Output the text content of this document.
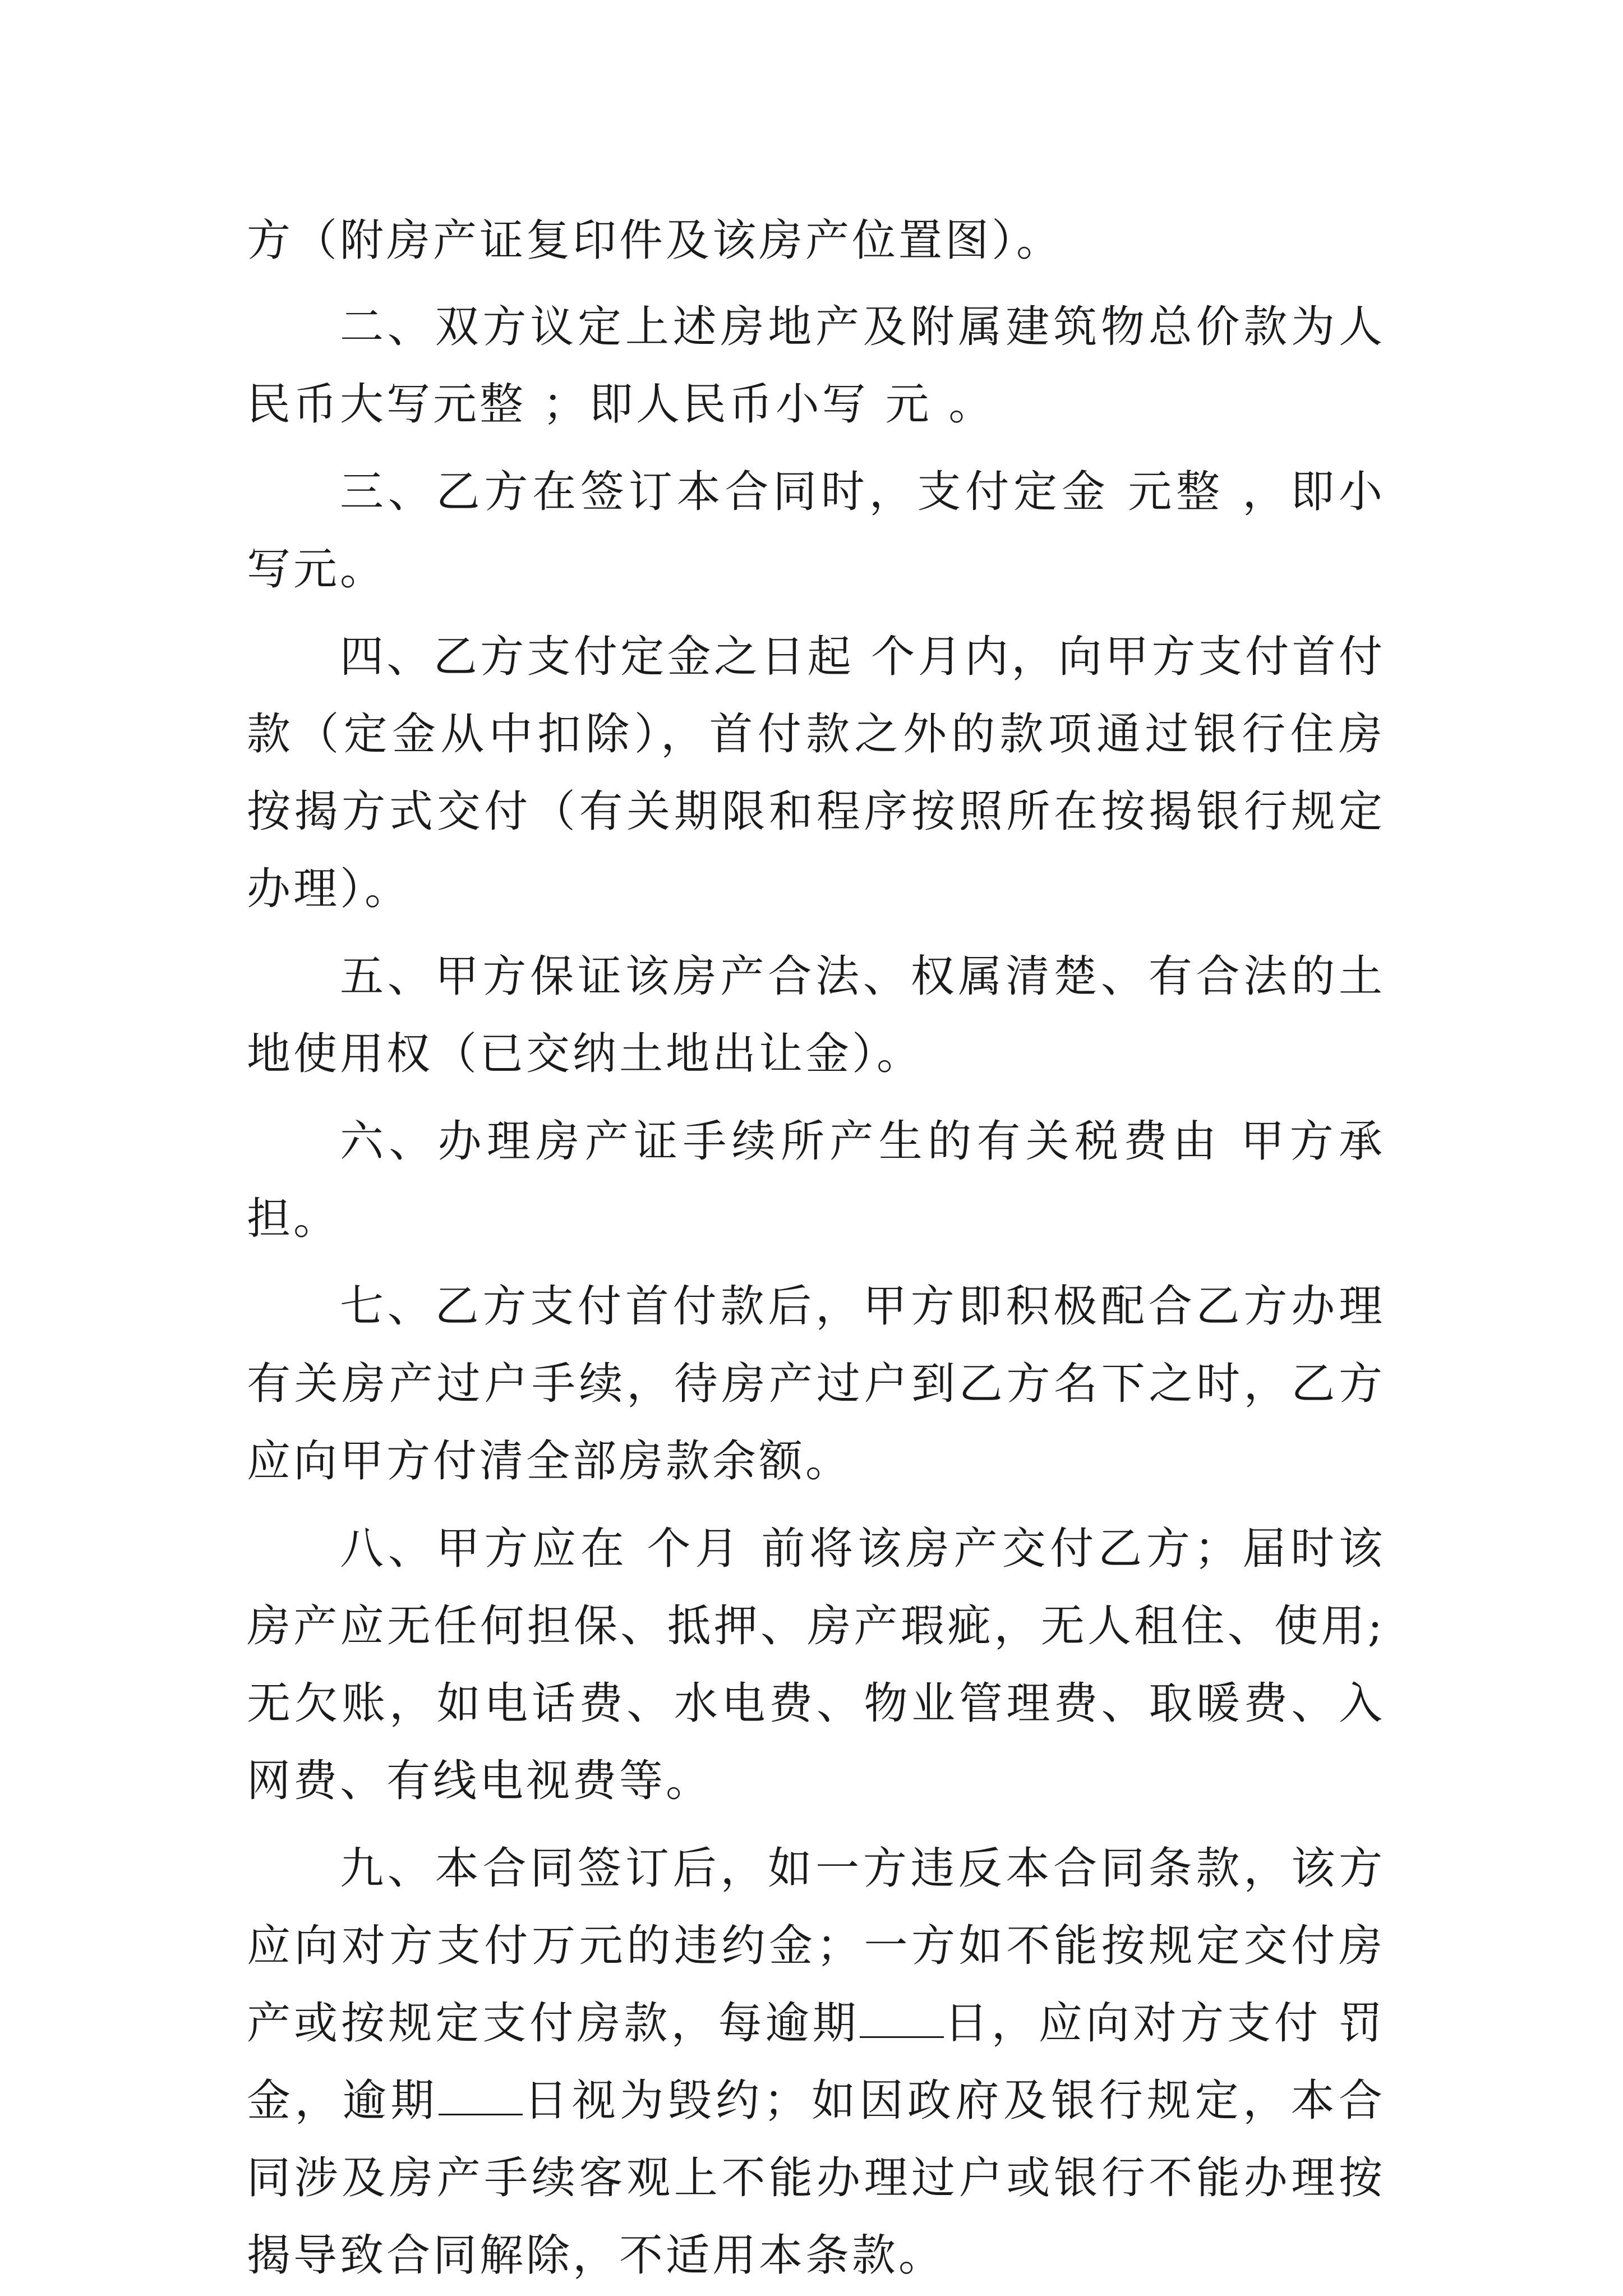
方（附房产证复印件及该房产位置图）。

二、双方议定上述房地产及附属建筑物总价款为人民币大写元整 ；即人民币小写 元 。

三、乙方在签订本合同时，支付定金 元整 ，即小写元。

四、乙方支付定金之日起 个月内，向甲方支付首付款（定金从中扣除），首付款之外的款项通过银行住房按揭方式交付（有关期限和程序按照所在按揭银行规定办理）。

五、甲方保证该房产合法、权属清楚、有合法的土地使用权（已交纳土地出让金）。

六、办理房产证手续所产生的有关税费由 甲方承担。

七、乙方支付首付款后，甲方即积极配合乙方办理有关房产过户手续，待房产过户到乙方名下之时，乙方应向甲方付清全部房款余额。

八、甲方应在 个月 前将该房产交付乙方；届时该房产应无任何担保、抵押、房产瑕疵，无人租住、使用;无欠账，如电话费、水电费、物业管理费、取暖费、入网费、有线电视费等。

九、本合同签订后，如一方违反本合同条款，该方应向对方支付万元的违约金；一方如不能按规定交付房产或按规定支付房款，每逾期 日，应向对方支付 罚金，逾期 日视为毁约；如因政府及银行规定，本合同涉及房产手续客观上不能办理过户或银行不能办理按揭导致合同解除，不适用本条款。
